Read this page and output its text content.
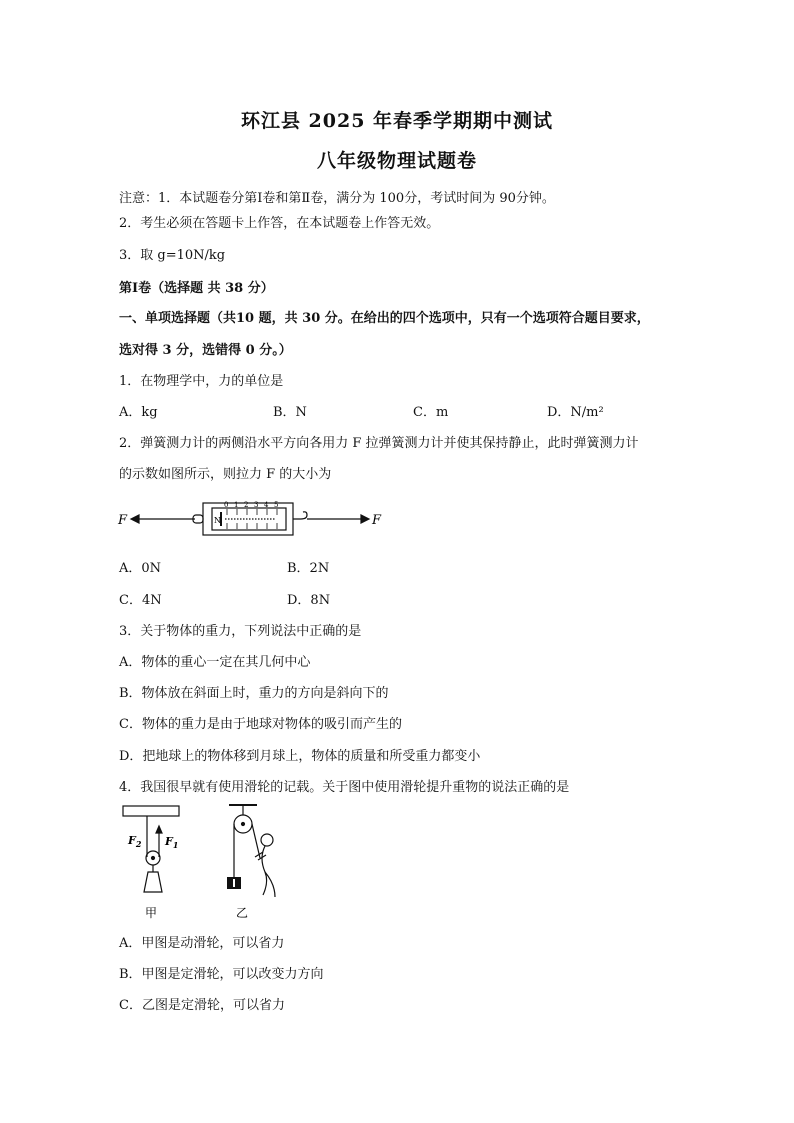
环江县 2025 年春季学期期中测试
八年级物理试题卷
注意：1．本试题卷分第Ⅰ卷和第Ⅱ卷，满分为 100分，考试时间为 90分钟。
2．考生必须在答题卡上作答，在本试题卷上作答无效。
3．取 g=10N/kg
第Ⅰ卷（选择题 共 38 分）
一、单项选择题（共10 题，共 30 分。在给出的四个选项中，只有一个选项符合题目要求，
选对得 3 分，选错得 0 分。）
1．在物理学中，力的单位是
A．kg	B．N	C．m	D．N/m²
2．弹簧测力计的两侧沿水平方向各用力 F 拉弹簧测力计并使其保持静止，此时弹簧测力计
的示数如图所示，则拉力 F 的大小为
F	F
N
0 1 2 3 4 5
A．0N	B．2N
C．4N	D．8N
3．关于物体的重力，下列说法中正确的是
A．物体的重心一定在其几何中心
B．物体放在斜面上时，重力的方向是斜向下的
C．物体的重力是由于地球对物体的吸引而产生的
D．把地球上的物体移到月球上，物体的质量和所受重力都变小
4．我国很早就有使用滑轮的记载。关于图中使用滑轮提升重物的说法正确的是
$F_2$ $F_1$
甲	乙
A．甲图是动滑轮，可以省力
B．甲图是定滑轮，可以改变力方向
C．乙图是定滑轮，可以省力
